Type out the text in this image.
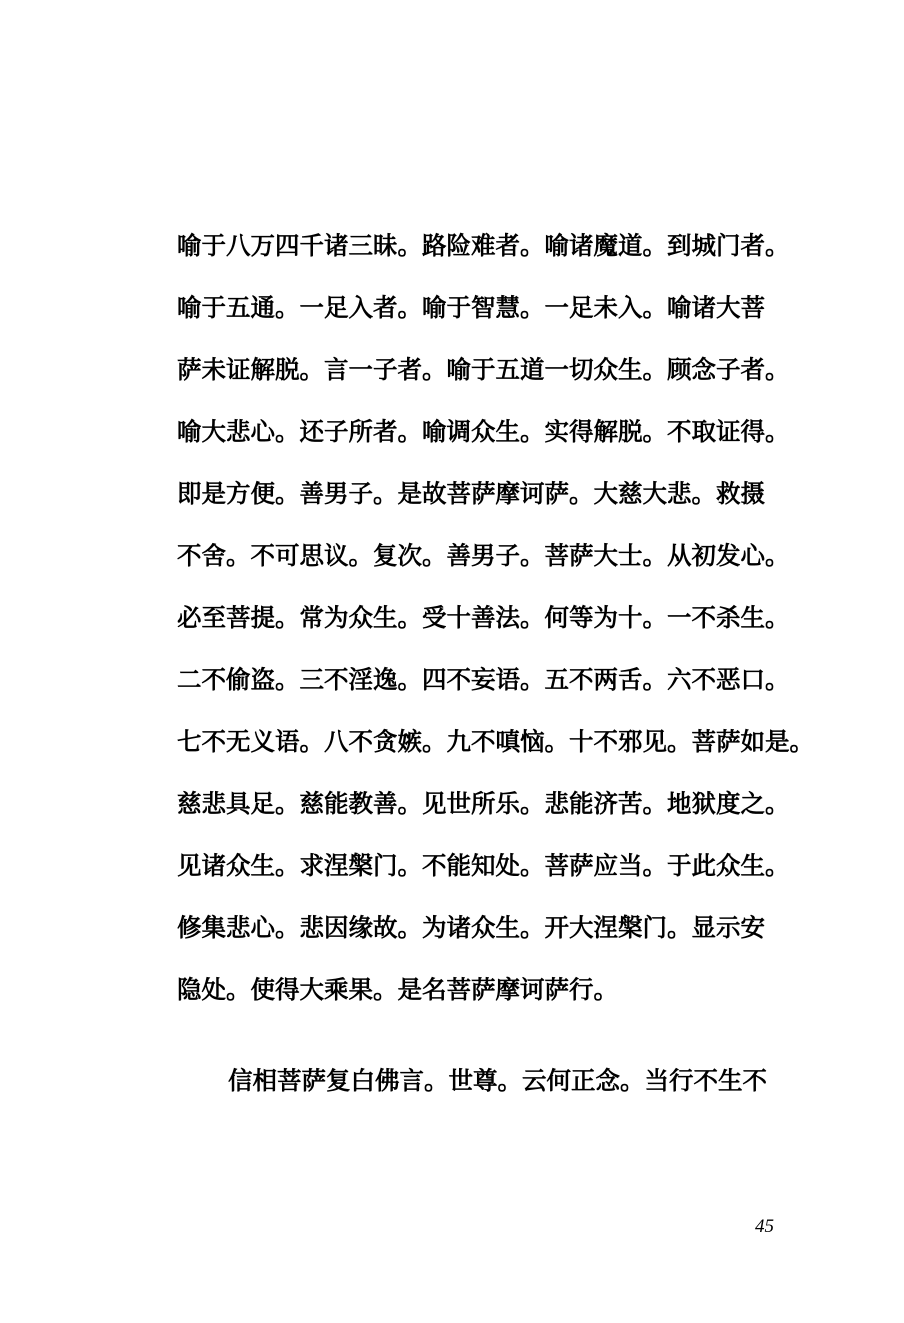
喻于八万四千诸三昧。路险难者。喻诸魔道。到城门者。
喻于五通。一足入者。喻于智慧。一足未入。喻诸大菩
萨未证解脱。言一子者。喻于五道一切众生。顾念子者。
喻大悲心。还子所者。喻调众生。实得解脱。不取证得。
即是方便。善男子。是故菩萨摩诃萨。大慈大悲。救摄
不舍。不可思议。复次。善男子。菩萨大士。从初发心。
必至菩提。常为众生。受十善法。何等为十。一不杀生。
二不偷盗。三不淫逸。四不妄语。五不两舌。六不恶口。
七不无义语。八不贪嫉。九不嗔恼。十不邪见。菩萨如是。
慈悲具足。慈能教善。见世所乐。悲能济苦。地狱度之。
见诸众生。求涅槃门。不能知处。菩萨应当。于此众生。
修集悲心。悲因缘故。为诸众生。开大涅槃门。显示安
隐处。使得大乘果。是名菩萨摩诃萨行。
信相菩萨复白佛言。世尊。云何正念。当行不生不
45
